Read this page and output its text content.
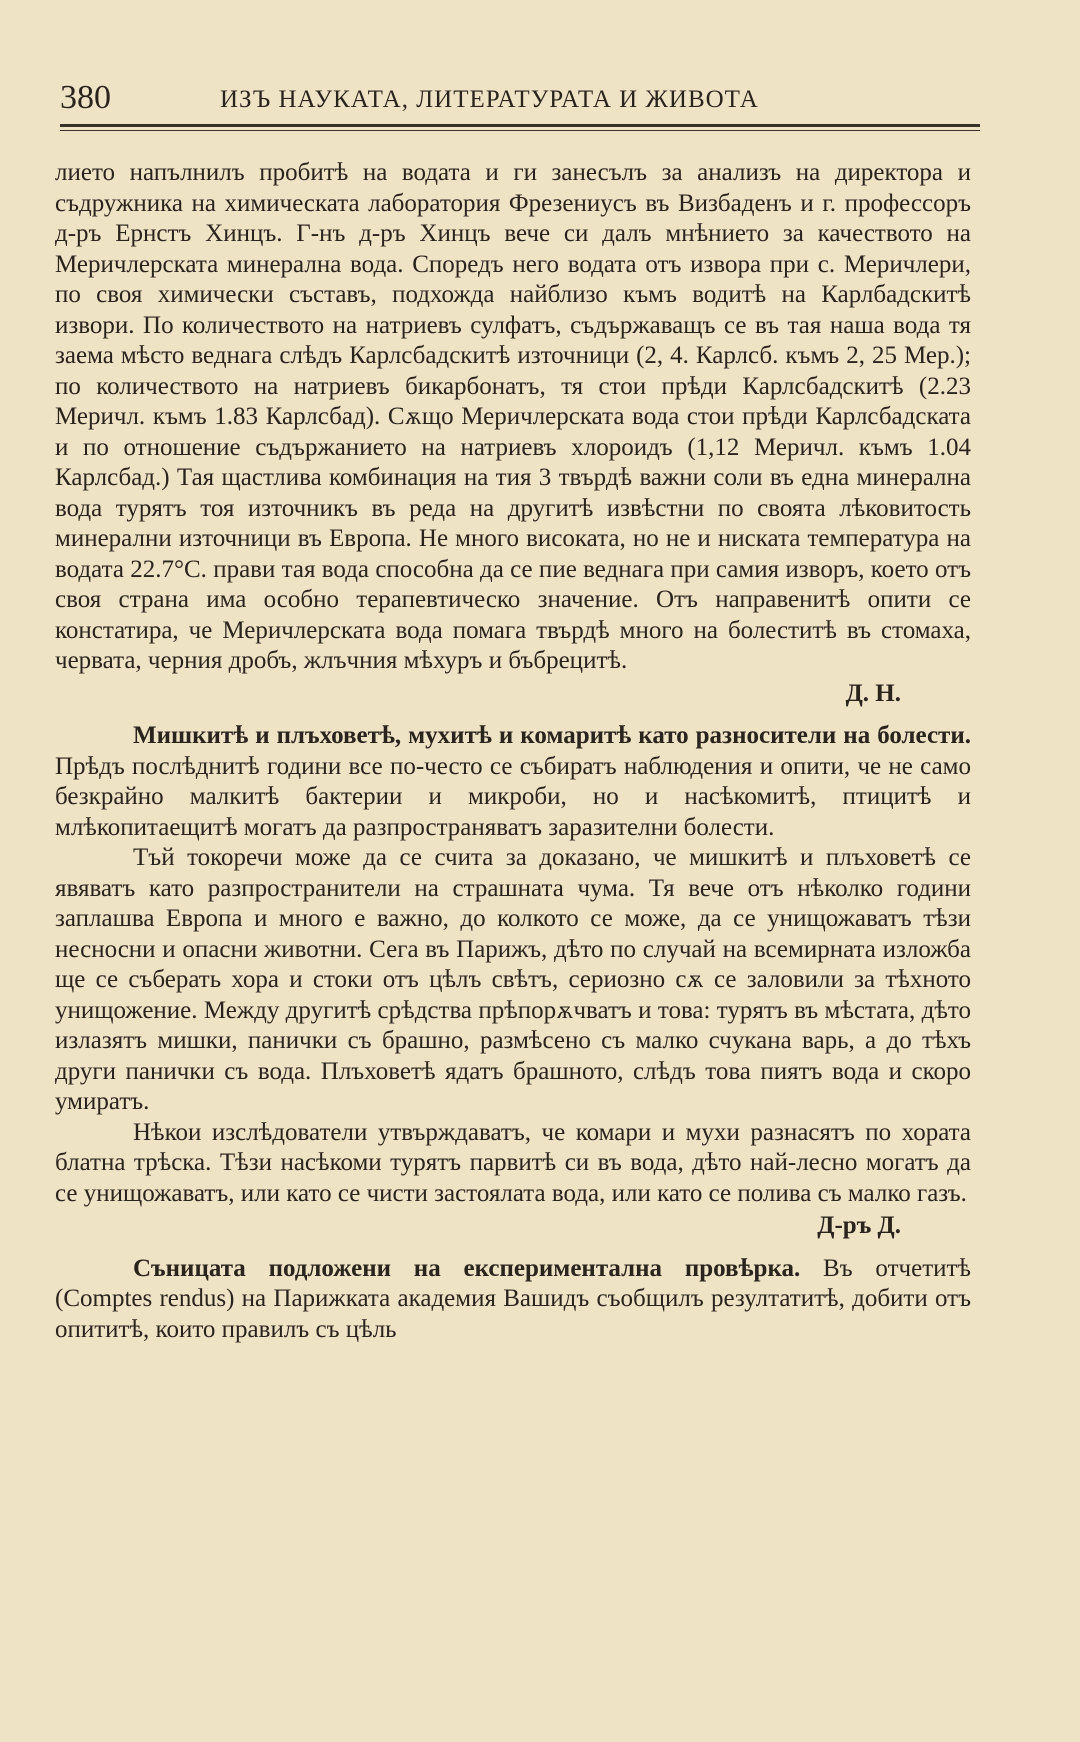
380	ИЗЪ НАУКАТА, ЛИТЕРАТУРАТА И ЖИВОТА

лието напълнилъ пробитѣ на водата и ги занесълъ за анализъ на директора и съдружника на химическата лаборатория Фрезениусъ въ Визбаденъ и г. профессоръ д-ръ Ернстъ Хинцъ. Г-нъ д-ръ Хинцъ вече си далъ мнѣнието за качеството на Меричлерската минерална вода. Споредъ него водата отъ извора при с. Меричлери, по своя химически съставъ, подхожда найблизо къмъ водитѣ на Карлбадскитѣ извори. По количеството на натриевъ сулфатъ, съдържаващъ се въ тая наша вода тя заема мѣсто веднага слѣдъ Карлсбадскитѣ източници (2, 4. Карлсб. къмъ 2, 25 Мер.); по количеството на натриевъ бикарбонатъ, тя стои прѣди Карлсбадскитѣ (2.23 Меричл. къмъ 1.83 Карлсбад). Сѫщо Меричлерската вода стои прѣди Карлсбадската и по отношение съдържанието на натриевъ хлороидъ (1,12 Меричл. къмъ 1.04 Карлсбад.) Тая щастлива комбинация на тия 3 твърдѣ важни соли въ една минерална вода турятъ тоя източникъ въ реда на другитѣ извѣстни по своята лѣковитость минерални източници въ Европа. Не много високата, но не и ниската температура на водата 22.7°С. прави тая вода способна да се пие веднага при самия изворъ, което отъ своя страна има особно терапевтическо значение. Отъ направенитѣ опити се констатира, че Меричлерската вода помага твърдѣ много на болеститѣ въ стомаха, червата, черния дробъ, жлъчния мѣхуръ и бъбрецитѣ.

Д. Н.

Мишкитѣ и плъховетѣ, мухитѣ и комаритѣ като разносители на болести. Прѣдъ послѣднитѣ години все по-често се събиратъ наблюдения и опити, че не само безкрайно малкитѣ бактерии и микроби, но и насѣкомитѣ, птицитѣ и млѣкопитаещитѣ могатъ да разпространяватъ заразителни болести.

Тъй токоречи може да се счита за доказано, че мишкитѣ и плъховетѣ се явяватъ като разпространители на страшната чума. Тя вече отъ нѣколко години заплашва Европа и много е важно, до колкото се може, да се унищожаватъ тѣзи несносни и опасни животни. Сега въ Парижъ, дѣто по случай на всемирната изложба ще се съберать хора и стоки отъ цѣлъ свѣтъ, сериозно сѫ се заловили за тѣхното унищожение. Между другитѣ срѣдства прѣпорѫчватъ и това: турятъ въ мѣстата, дѣто излазятъ мишки, панички съ брашно, размѣсено съ малко счукана варь, а до тѣхъ други панички съ вода. Плъховетѣ ядатъ брашното, слѣдъ това пиятъ вода и скоро умиратъ.

Нѣкои изслѣдователи утвърждаватъ, че комари и мухи разнасятъ по хората блатна трѣска. Тѣзи насѣкоми турятъ парвитѣ си въ вода, дѣто най-лесно могатъ да се унищожаватъ, или като се чисти застоялата вода, или като се полива съ малко газъ.

Д-ръ Д.

Съницата подложени на експериментална провѣрка. Въ отчетитѣ (Comptes rendus) на Парижката академия Вашидъ съобщилъ резултатитѣ, добити отъ опититѣ, които правилъ съ цѣль
